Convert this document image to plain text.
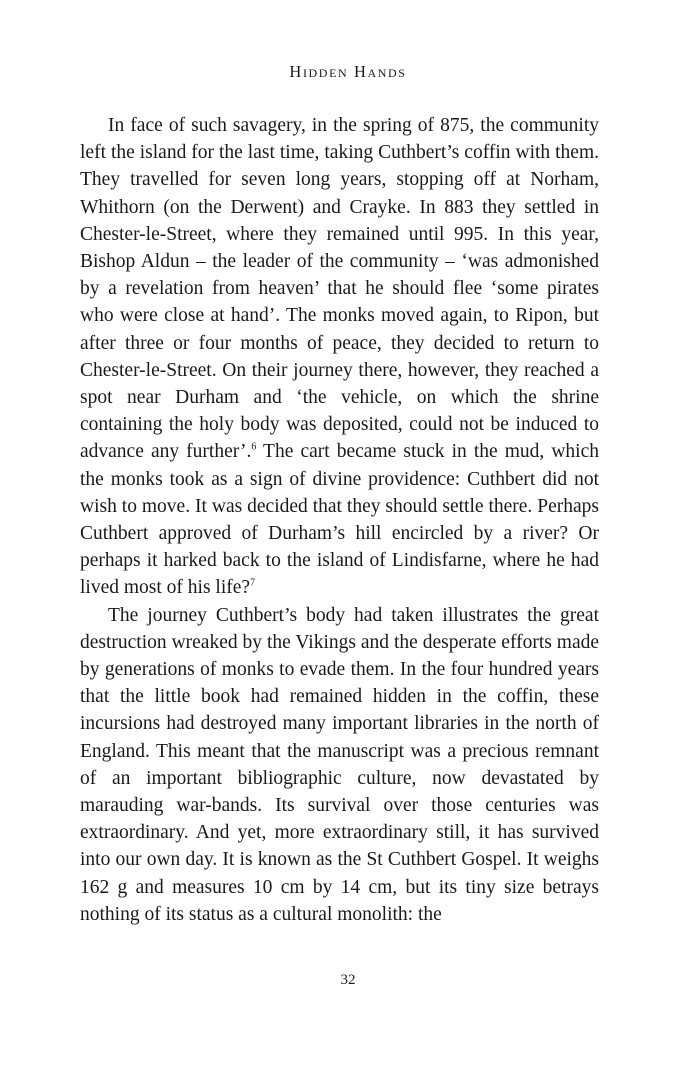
Hidden Hands

In face of such savagery, in the spring of 875, the community left the island for the last time, taking Cuthbert’s coffin with them. They travelled for seven long years, stopping off at Norham, Whithorn (on the Derwent) and Crayke. In 883 they settled in Chester-le-Street, where they remained until 995. In this year, Bishop Aldun – the leader of the community – ‘was admonished by a revelation from heaven’ that he should flee ‘some pirates who were close at hand’. The monks moved again, to Ripon, but after three or four months of peace, they decided to return to Chester-le-Street. On their journey there, however, they reached a spot near Durham and ‘the vehicle, on which the shrine containing the holy body was deposited, could not be induced to advance any further’.$^6$ The cart became stuck in the mud, which the monks took as a sign of divine providence: Cuthbert did not wish to move. It was decided that they should settle there. Perhaps Cuthbert approved of Durham’s hill encircled by a river? Or perhaps it harked back to the island of Lindisfarne, where he had lived most of his life?$^7$

The journey Cuthbert’s body had taken illustrates the great destruction wreaked by the Vikings and the desperate efforts made by generations of monks to evade them. In the four hundred years that the little book had remained hidden in the coffin, these incursions had destroyed many important libraries in the north of England. This meant that the manuscript was a precious remnant of an important bibliographic culture, now devastated by marauding war-bands. Its survival over those centuries was extraordinary. And yet, more extraordinary still, it has survived into our own day. It is known as the St Cuthbert Gospel. It weighs 162 g and measures 10 cm by 14 cm, but its tiny size betrays nothing of its status as a cultural monolith: the

32
